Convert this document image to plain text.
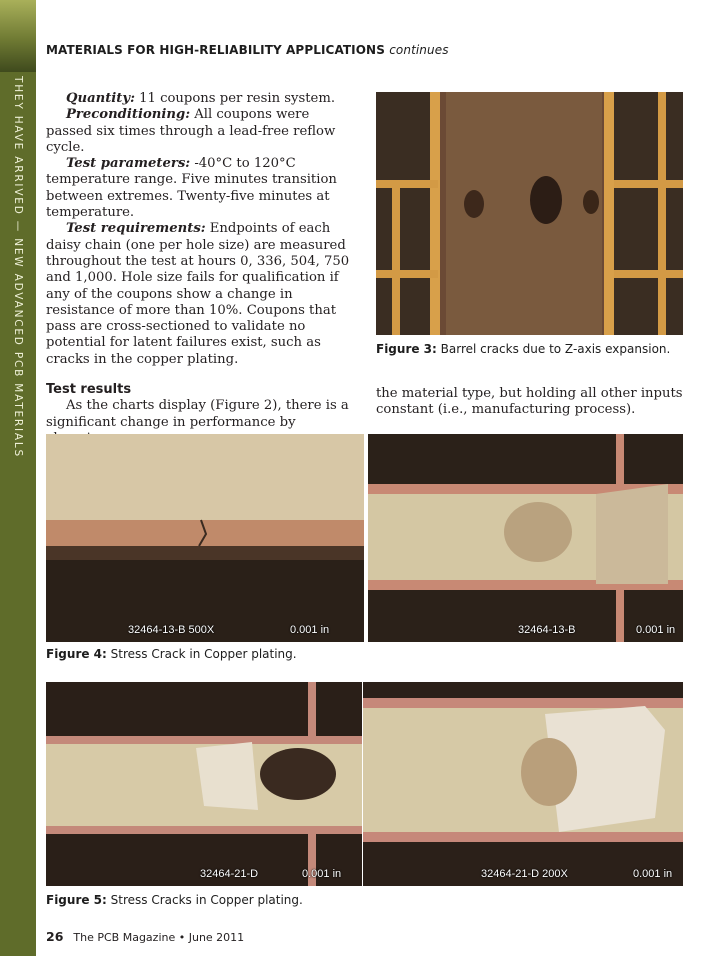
THEY HAVE ARRIVED — NEW ADVANCED PCB MATERIALS
MATERIALS FOR HIGH-RELIABILITY APPLICATIONS continues

Quantity: 11 coupons per resin system.

Preconditioning: All coupons were passed six times through a lead-free reflow cycle.

Test parameters: -40°C to 120°C temperature range. Five minutes transition between extremes. Twenty-five minutes at temperature.

Test requirements: Endpoints of each daisy chain (one per hole size) are measured throughout the test at hours 0, 336, 504, 750 and 1,000. Hole size fails for qualification if any of the coupons show a change in resistance of more than 10%. Coupons that pass are cross-sectioned to validate no potential for latent failures exist, such as cracks in the copper plating.

Test results

As the charts display (Figure 2), there is a significant change in performance by

Figure 3: Barrel cracks due to Z-axis expansion.

the material type, but holding all other inputs constant (i.e., manufacturing process).

32464-13-B 500X	0.001 in	32464-13-B	0.001 in
Figure 4: Stress Crack in Copper plating.
32464-21-D	0.001 in	32464-21-D 200X	0.001 in
Figure 5: Stress Cracks in Copper plating.
26 The PCB Magazine • June 2011
